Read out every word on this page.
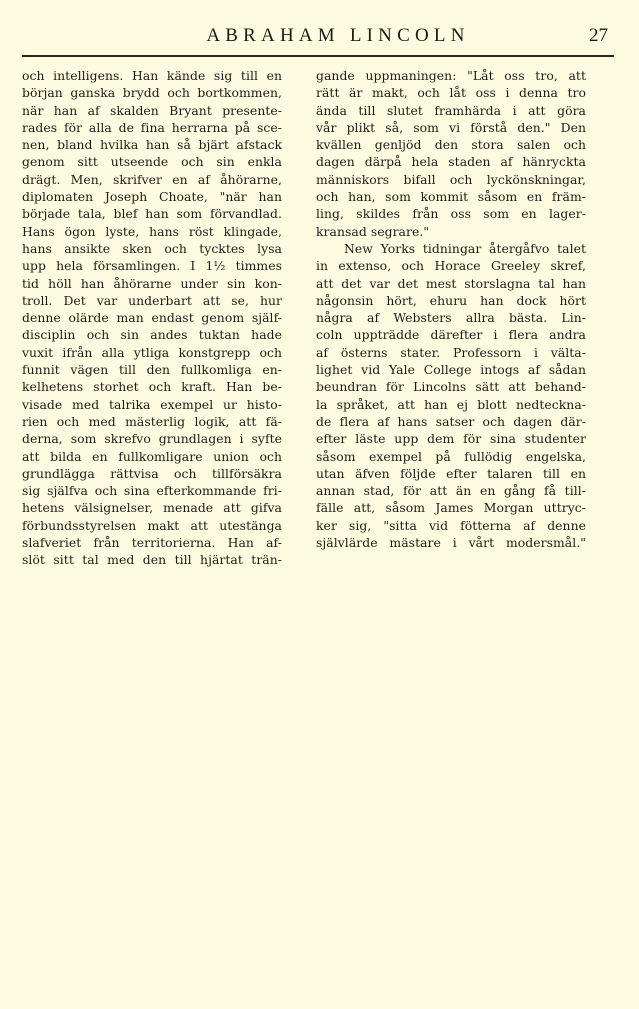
ABRAHAM LINCOLN	27
och intelligens. Han kände sig till en
början ganska brydd och bortkommen,
när han af skalden Bryant presente-
rades för alla de fina herrarna på sce-
nen, bland hvilka han så bjärt afstack
genom sitt utseende och sin enkla
drägt. Men, skrifver en af åhörarne,
diplomaten Joseph Choate, "när han
började tala, blef han som förvandlad.
Hans ögon lyste, hans röst klingade,
hans ansikte sken och tycktes lysa
upp hela församlingen. I 1½ timmes
tid höll han åhörarne under sin kon-
troll. Det var underbart att se, hur
denne olärde man endast genom själf-
disciplin och sin andes tuktan hade
vuxit ifrån alla ytliga konstgrepp och
funnit vägen till den fullkomliga en-
kelhetens storhet och kraft. Han be-
visade med talrika exempel ur histo-
rien och med mästerlig logik, att fä-
derna, som skrefvo grundlagen i syfte
att bilda en fullkomligare union och
grundlägga rättvisa och tillförsäkra
sig själfva och sina efterkommande fri-
hetens välsignelser, menade att gifva
förbundsstyrelsen makt att utestänga
slafveriet från territorierna. Han af-
slöt sitt tal med den till hjärtat trän-
gande uppmaningen: "Låt oss tro, att
rätt är makt, och låt oss i denna tro
ända till slutet framhärda i att göra
vår plikt så, som vi förstå den." Den
kvällen genljöd den stora salen och
dagen därpå hela staden af hänryckta
människors bifall och lyckönskningar,
och han, som kommit såsom en främ-
ling, skildes från oss som en lager-
kransad segrare."
New Yorks tidningar återgåfvo talet
in extenso, och Horace Greeley skref,
att det var det mest storslagna tal han
någonsin hört, ehuru han dock hört
några af Websters allra bästa. Lin-
coln uppträdde därefter i flera andra
af österns stater. Professorn i välta-
lighet vid Yale College intogs af sådan
beundran för Lincolns sätt att behand-
la språket, att han ej blott nedteckna-
de flera af hans satser och dagen där-
efter läste upp dem för sina studenter
såsom exempel på fullödig engelska,
utan äfven följde efter talaren till en
annan stad, för att än en gång få till-
fälle att, såsom James Morgan uttryc-
ker sig, "sitta vid fötterna af denne
självlärde mästare i vårt modersmål."
